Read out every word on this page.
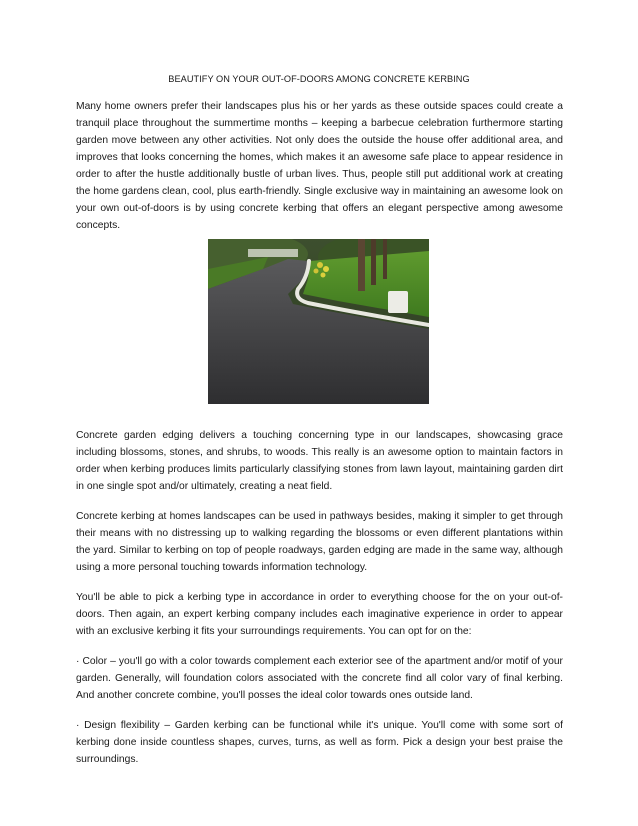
BEAUTIFY ON YOUR OUT-OF-DOORS AMONG CONCRETE KERBING

Many home owners prefer their landscapes plus his or her yards as these outside spaces could create a tranquil place throughout the summertime months – keeping a barbecue celebration furthermore starting garden move between any other activities. Not only does the outside the house offer additional area, and improves that looks concerning the homes, which makes it an awesome safe place to appear residence in order to after the hustle additionally bustle of urban lives. Thus, people still put additional work at creating the home gardens clean, cool, plus earth-friendly. Single exclusive way in maintaining an awesome look on your own out-of-doors is by using concrete kerbing that offers an elegant perspective among awesome concepts.

Concrete garden edging delivers a touching concerning type in our landscapes, showcasing grace including blossoms, stones, and shrubs, to woods. This really is an awesome option to maintain factors in order when kerbing produces limits particularly classifying stones from lawn layout, maintaining garden dirt in one single spot and/or ultimately, creating a neat field.

Concrete kerbing at homes landscapes can be used in pathways besides, making it simpler to get through their means with no distressing up to walking regarding the blossoms or even different plantations within the yard. Similar to kerbing on top of people roadways, garden edging are made in the same way, although using a more personal touching towards information technology.

You'll be able to pick a kerbing type in accordance in order to everything choose for the on your out-of-doors. Then again, an expert kerbing company includes each imaginative experience in order to appear with an exclusive kerbing it fits your surroundings requirements. You can opt for on the:

· Color – you'll go with a color towards complement each exterior see of the apartment and/or motif of your garden. Generally, will foundation colors associated with the concrete find all color vary of final kerbing. And another concrete combine, you'll posses the ideal color towards ones outside land.

· Design flexibility – Garden kerbing can be functional while it's unique. You'll come with some sort of kerbing done inside countless shapes, curves, turns, as well as form. Pick a design your best praise the surroundings.
